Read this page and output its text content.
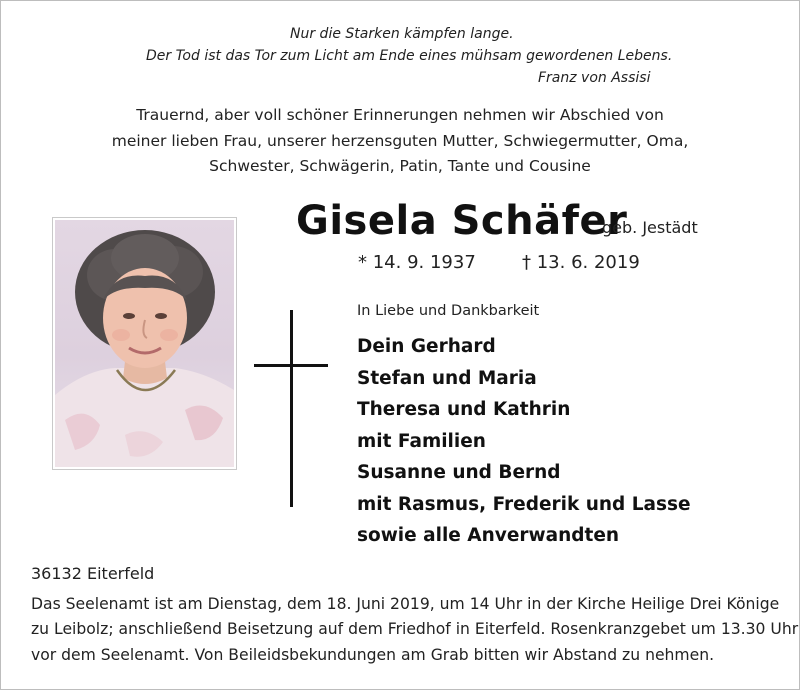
Nur die Starken kämpfen lange.
Der Tod ist das Tor zum Licht am Ende eines mühsam gewordenen Lebens.
Franz von Assisi
Trauernd, aber voll schöner Erinnerungen nehmen wir Abschied von
meiner lieben Frau, unserer herzensguten Mutter, Schwiegermutter, Oma,
Schwester, Schwägerin, Patin, Tante und Cousine
Gisela Schäfer
geb. Jestädt
* 14. 9. 1937	† 13. 6. 2019
In Liebe und Dankbarkeit
Dein Gerhard
Stefan und Maria
Theresa und Kathrin
mit Familien
Susanne und Bernd
mit Rasmus, Frederik und Lasse
sowie alle Anverwandten
36132 Eiterfeld
Das Seelenamt ist am Dienstag, dem 18. Juni 2019, um 14 Uhr in der Kirche Heilige Drei Könige
zu Leibolz; anschließend Beisetzung auf dem Friedhof in Eiterfeld. Rosenkranzgebet um 13.30 Uhr
vor dem Seelenamt. Von Beileidsbekundungen am Grab bitten wir Abstand zu nehmen.
